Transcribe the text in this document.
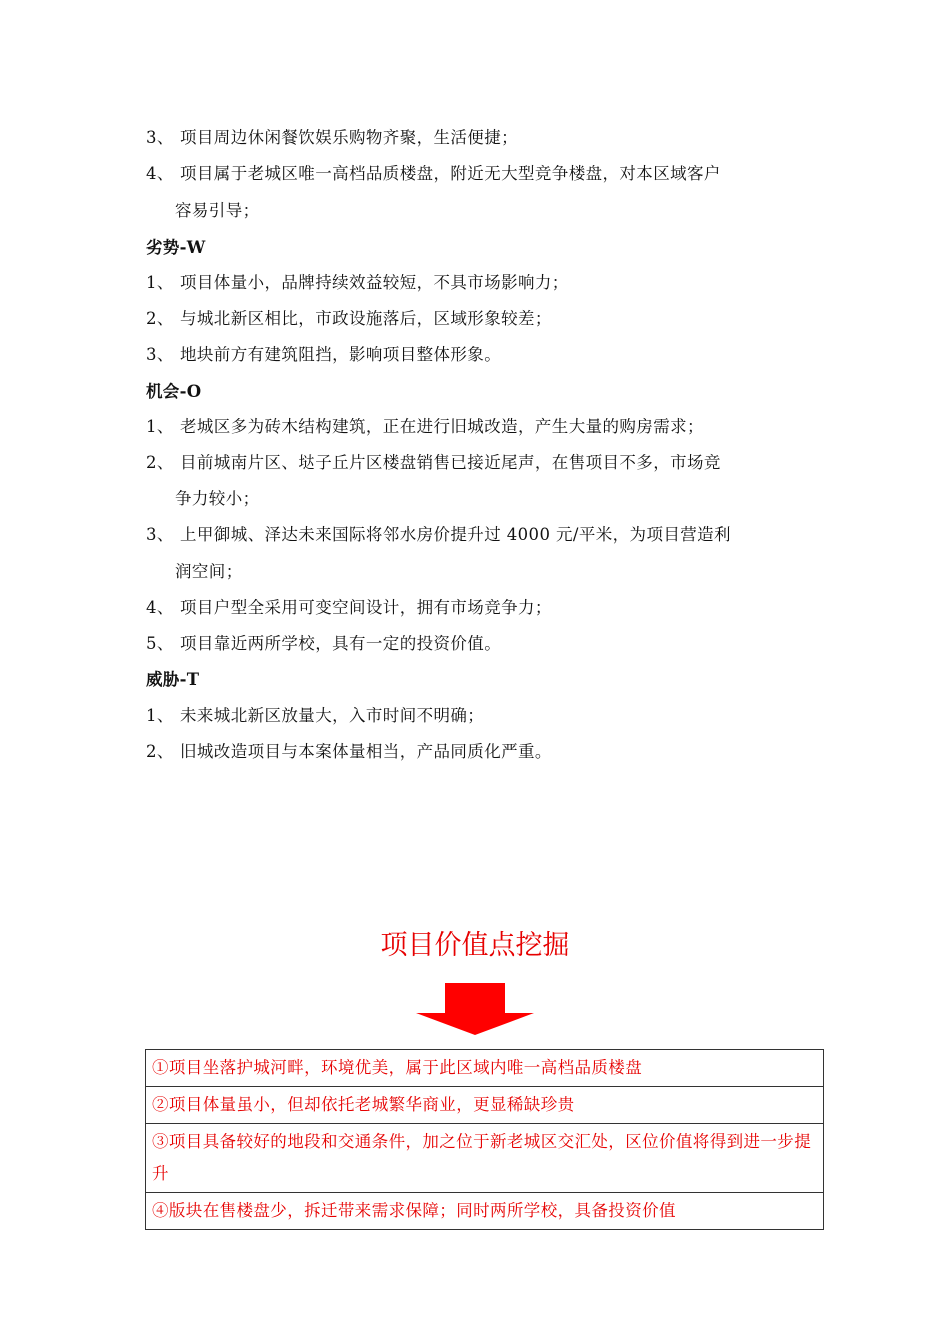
3、 项目周边休闲餐饮娱乐购物齐聚，生活便捷；
4、 项目属于老城区唯一高档品质楼盘，附近无大型竞争楼盘，对本区域客户
容易引导；
劣势-W
1、 项目体量小，品牌持续效益较短，不具市场影响力；
2、 与城北新区相比，市政设施落后，区域形象较差；
3、 地块前方有建筑阻挡，影响项目整体形象。
机会-O
1、 老城区多为砖木结构建筑，正在进行旧城改造，产生大量的购房需求；
2、 目前城南片区、垯子丘片区楼盘销售已接近尾声，在售项目不多，市场竞
争力较小；
3、 上甲御城、泽达未来国际将邻水房价提升过 4000 元/平米，为项目营造利
润空间；
4、 项目户型全采用可变空间设计，拥有市场竞争力；
5、 项目靠近两所学校，具有一定的投资价值。
威胁-T
1、 未来城北新区放量大，入市时间不明确；
2、 旧城改造项目与本案体量相当，产品同质化严重。
项目价值点挖掘
①项目坐落护城河畔，环境优美，属于此区域内唯一高档品质楼盘
②项目体量虽小，但却依托老城繁华商业，更显稀缺珍贵
③项目具备较好的地段和交通条件，加之位于新老城区交汇处，区位价值将得到进一步提升
④版块在售楼盘少，拆迁带来需求保障；同时两所学校，具备投资价值
